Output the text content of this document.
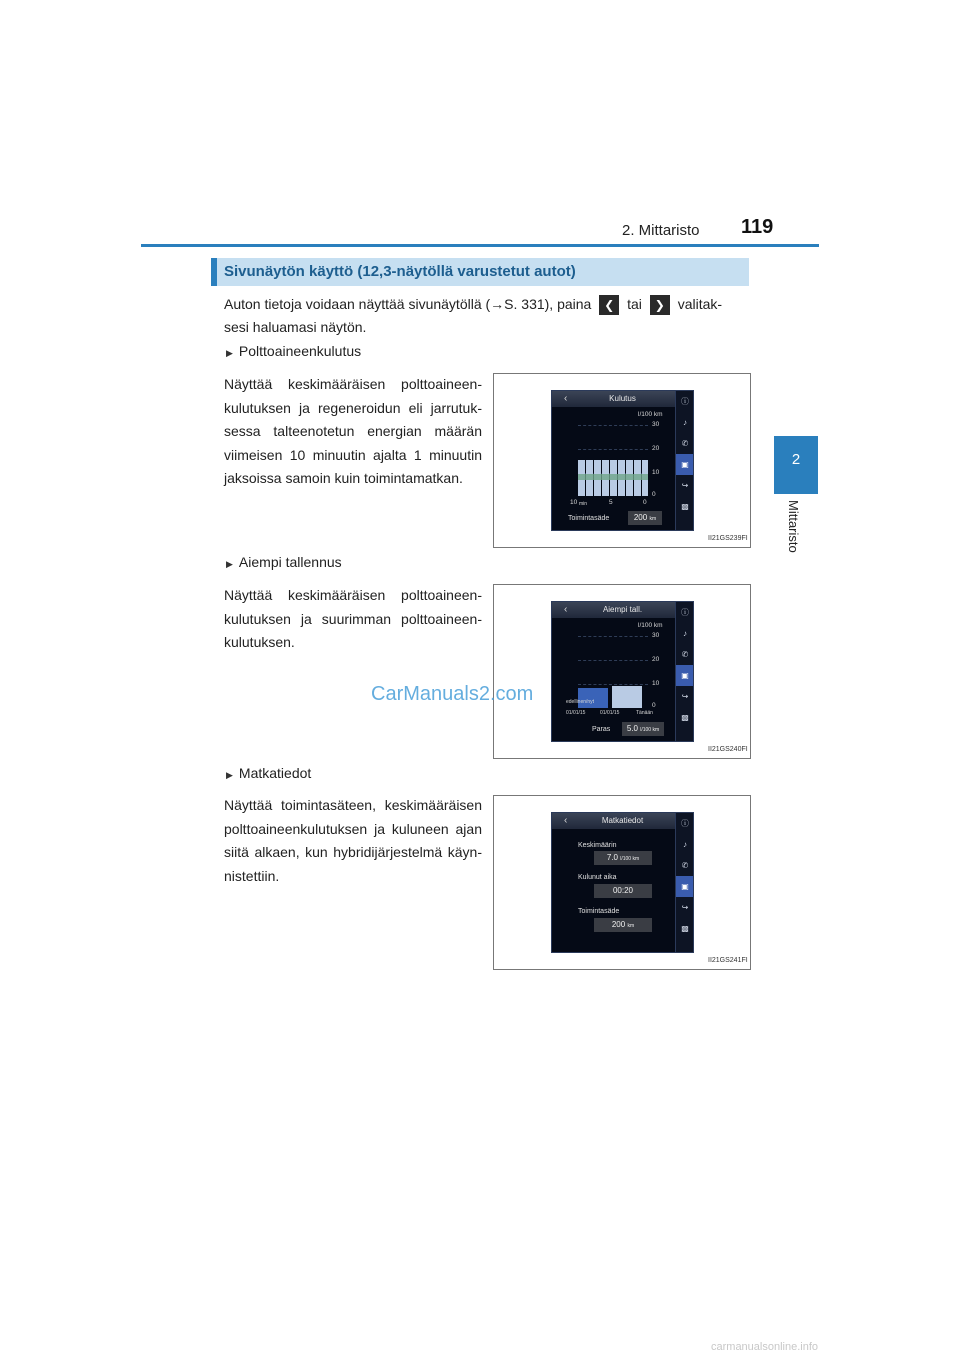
2. Mittaristo 119
2
Mittaristo
Sivunäytön käyttö (12,3-näytöllä varustetut autot)
Auton tietoja voidaan näyttää sivunäytöllä (→S. 331), paina ❮ tai ❯ valitak-
sesi haluamasi näytön.
▶ Polttoaineenkulutus
Näyttää keskimääräisen polttoaineen-kulutuksen ja regeneroidun eli jarrutuk-sessa talteenotetun energian määrän viimeisen 10 minuutin ajalta 1 minuutin jaksoissa samoin kuin toimintamatkan.
‹	Kulutus
l/100 km
30
20
10
0
10 min	5	0
Toimintasäde	200 km
ⓘ
♪
✆
▣
↪
▩
II21GS239FI
▶ Aiempi tallennus
Näyttää keskimääräisen polttoaineen-kulutuksen ja suurimman polttoaineen-kulutuksen.
‹	Aiempi tall.
l/100 km
30
20
10
0
edellinen/nyt
01/01/15	01/01/15	Tänään
Paras	5.0 l/100 km
ⓘ
♪
✆
▣
↪
▩
II21GS240FI
CarManuals2.com
▶ Matkatiedot
Näyttää toimintasäteen, keskimääräisen polttoaineenkulutuksen ja kuluneen ajan siitä alkaen, kun hybridijärjestelmä käyn-nistettiin.
‹	Matkatiedot
Keskimäärin
7.0 l/100 km
Kulunut aika
00:20
Toimintasäde
200 km
ⓘ
♪
✆
▣
↪
▩
II21GS241FI
carmanualsonline.info
